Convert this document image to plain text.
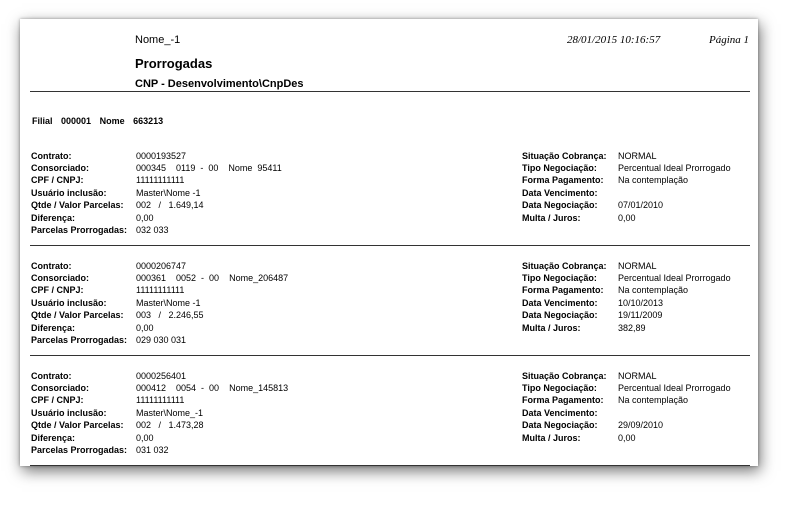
Nome_-1	28/01/2015 10:16:57	Página 1
Prorrogadas
CNP - Desenvolvimento\CnpDes
Filial 000001 Nome 663213
Contrato:	0000193527
Consorciado:	000345    0119  -  00    Nome  95411
CPF / CNPJ:	11111111111
Usuário inclusão:	Master\Nome -1
Qtde / Valor Parcelas: 002   /   1.649,14
Diferença:	0,00
Parcelas Prorrogadas: 032 033
Situação Cobrança: NORMAL
Tipo Negociação: Percentual Ideal Prorrogado
Forma Pagamento: Na contemplação
Data Vencimento:
Data Negociação: 07/01/2010
Multa / Juros:	0,00
Contrato:	0000206747
Consorciado:	000361    0052  -  00    Nome_206487
CPF / CNPJ:	11111111111
Usuário inclusão:	Master\Nome -1
Qtde / Valor Parcelas: 003   /   2.246,55
Diferença:	0,00
Parcelas Prorrogadas: 029 030 031
Situação Cobrança: NORMAL
Tipo Negociação: Percentual Ideal Prorrogado
Forma Pagamento: Na contemplação
Data Vencimento: 10/10/2013
Data Negociação: 19/11/2009
Multa / Juros:	382,89
Contrato:	0000256401
Consorciado:	000412    0054  -  00    Nome_145813
CPF / CNPJ:	11111111111
Usuário inclusão:	Master\Nome_-1
Qtde / Valor Parcelas: 002   /   1.473,28
Diferença:	0,00
Parcelas Prorrogadas: 031 032
Situação Cobrança: NORMAL
Tipo Negociação: Percentual Ideal Prorrogado
Forma Pagamento: Na contemplação
Data Vencimento:
Data Negociação: 29/09/2010
Multa / Juros:	0,00
